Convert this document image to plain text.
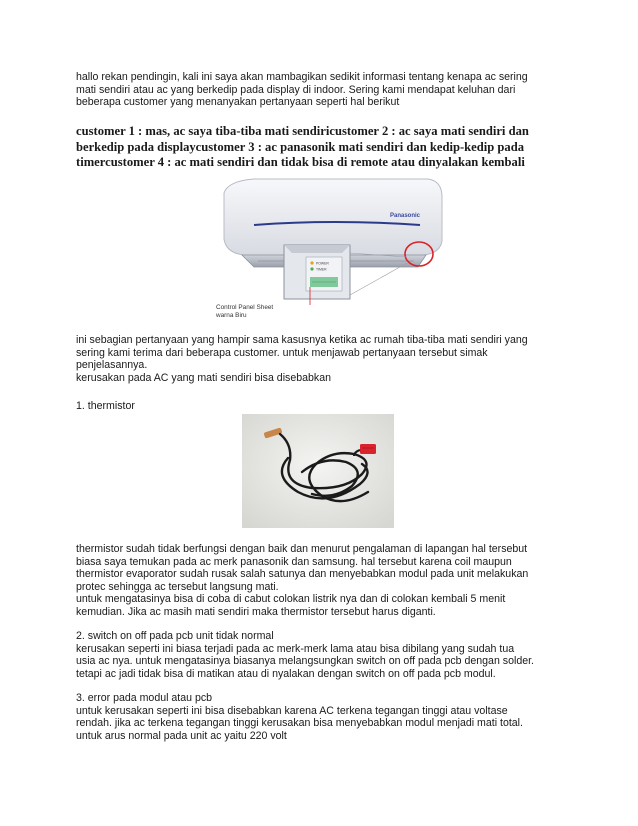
hallo rekan pendingin, kali ini saya akan mambagikan sedikit informasi tentang kenapa ac sering
mati sendiri atau ac yang berkedip pada display di indoor. Sering kami mendapat keluhan dari
beberapa customer yang menanyakan pertanyaan seperti hal berikut

customer 1 : mas, ac saya tiba-tiba mati sendiricustomer 2 : ac saya mati sendiri dan
berkedip pada displaycustomer 3 : ac panasonik mati sendiri dan kedip-kedip pada
timercustomer 4 : ac mati sendiri dan tidak bisa di remote atau dinyalakan kembali

Panasonic
POWER
TIMER
Control Panel Sheet
warna Biru

ini sebagian pertanyaan yang hampir sama kasusnya ketika ac rumah tiba-tiba mati sendiri yang
sering kami terima dari beberapa customer. untuk menjawab pertanyaan tersebut simak
penjelasannya.
kerusakan pada AC yang mati sendiri bisa disebabkan

1. thermistor

thermistor sudah tidak berfungsi dengan baik dan menurut pengalaman di lapangan hal tersebut
biasa saya temukan pada ac merk panasonik dan samsung. hal tersebut karena coil maupun
thermistor evaporator sudah rusak salah satunya dan menyebabkan modul pada unit melakukan
protec sehingga ac tersebut langsung mati.
untuk mengatasinya bisa di coba di cabut colokan listrik nya dan di colokan kembali 5 menit
kemudian. Jika ac masih mati sendiri maka thermistor tersebut harus diganti.

2. switch on off pada pcb unit tidak normal
kerusakan seperti ini biasa terjadi pada ac merk-merk lama atau bisa dibilang yang sudah tua
usia ac nya. untuk mengatasinya biasanya melangsungkan switch on off pada pcb dengan solder.
tetapi ac jadi tidak bisa di matikan atau di nyalakan dengan switch on off pada pcb modul.

3. error pada modul atau pcb
untuk kerusakan seperti ini bisa disebabkan karena AC terkena tegangan tinggi atau voltase
rendah. jika ac terkena tegangan tinggi kerusakan bisa menyebabkan modul menjadi mati total.
untuk arus normal pada unit ac yaitu 220 volt
